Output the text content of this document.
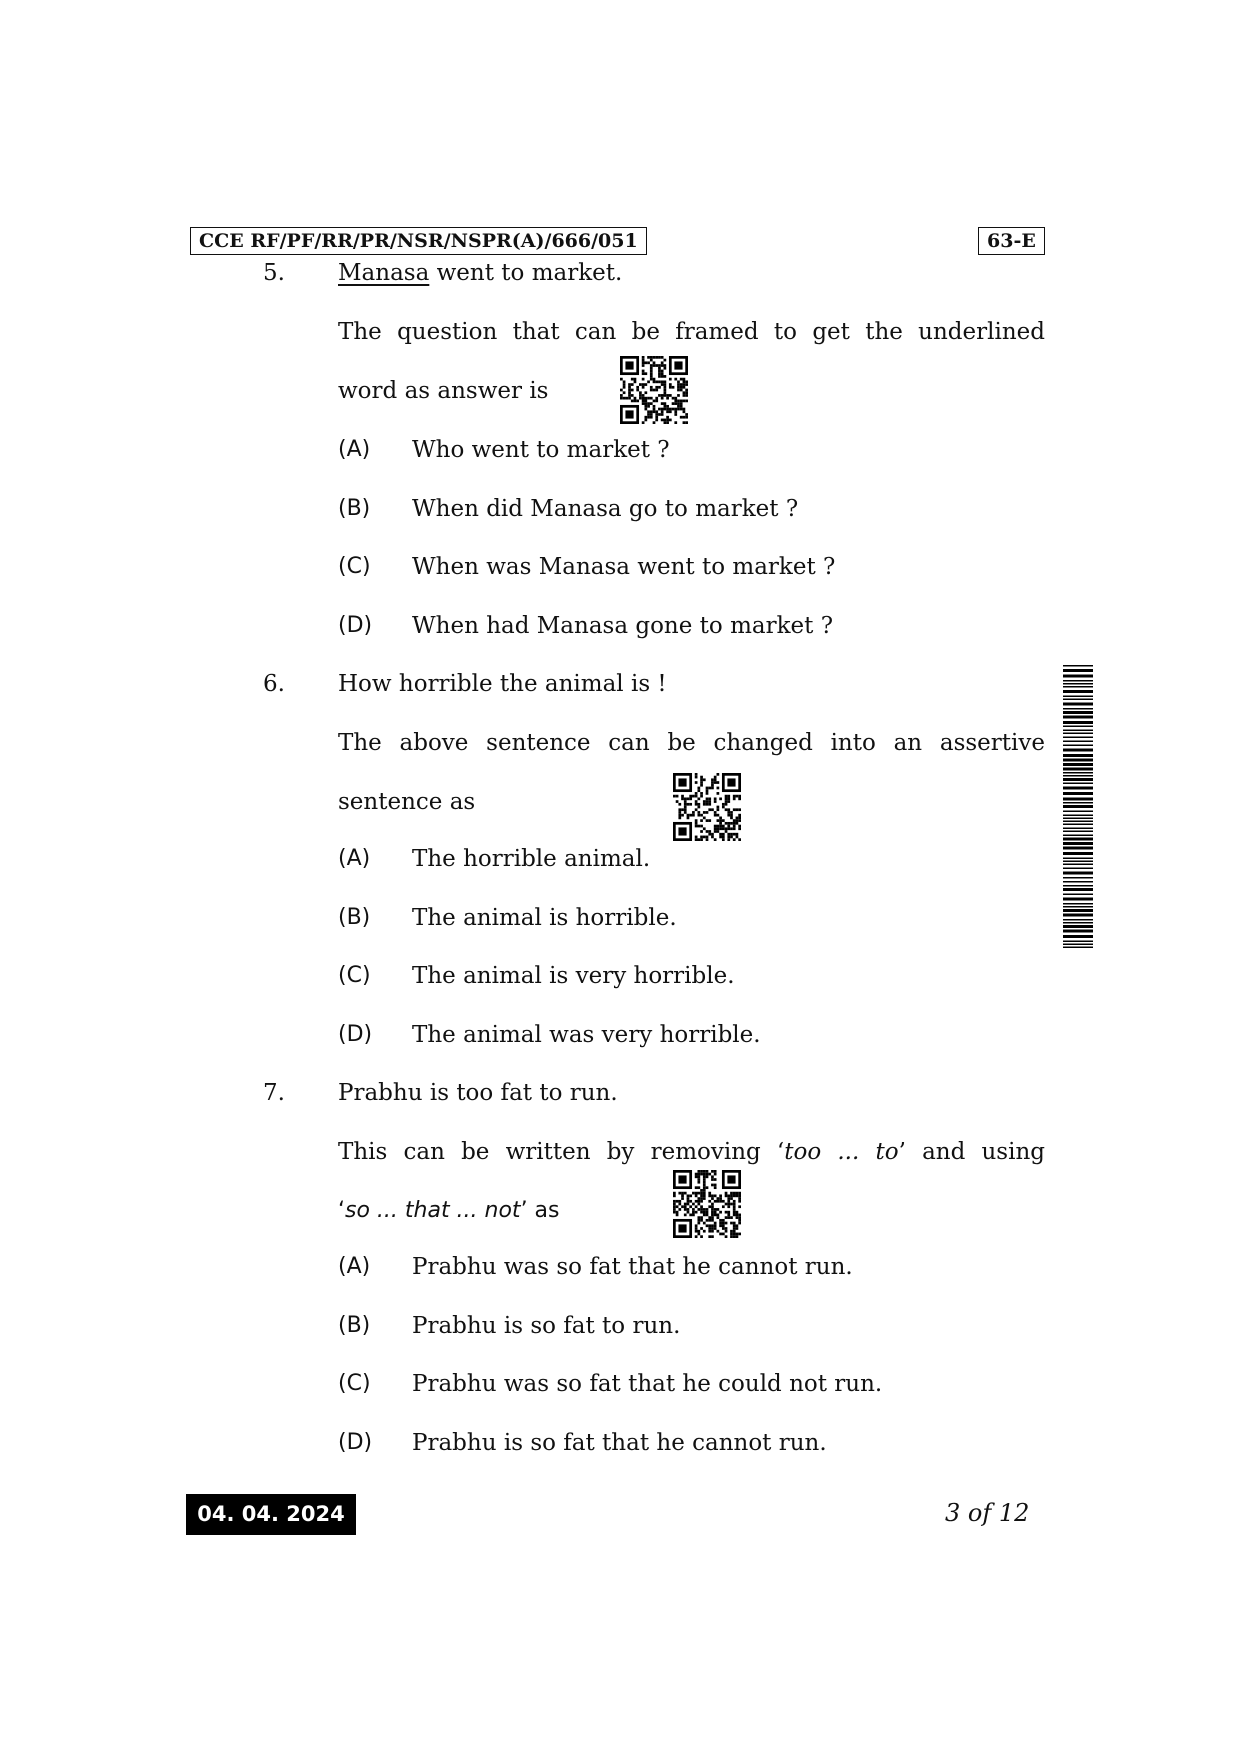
CCE RF/PF/RR/PR/NSR/NSPR(A)/666/051	63-E
5. Manasa went to market.
The question that can be framed to get the underlined
word as answer is
(A) Who went to market ?
(B) When did Manasa go to market ?
(C) When was Manasa went to market ?
(D) When had Manasa gone to market ?
6. How horrible the animal is !
The above sentence can be changed into an assertive
sentence as
(A) The horrible animal.
(B) The animal is horrible.
(C) The animal is very horrible.
(D) The animal was very horrible.
7. Prabhu is too fat to run.
This can be written by removing ‘too ... to’ and using
‘so ... that ... not’ as
(A) Prabhu was so fat that he cannot run.
(B) Prabhu is so fat to run.
(C) Prabhu was so fat that he could not run.
(D) Prabhu is so fat that he cannot run.
04. 04. 2024	3 of 12
